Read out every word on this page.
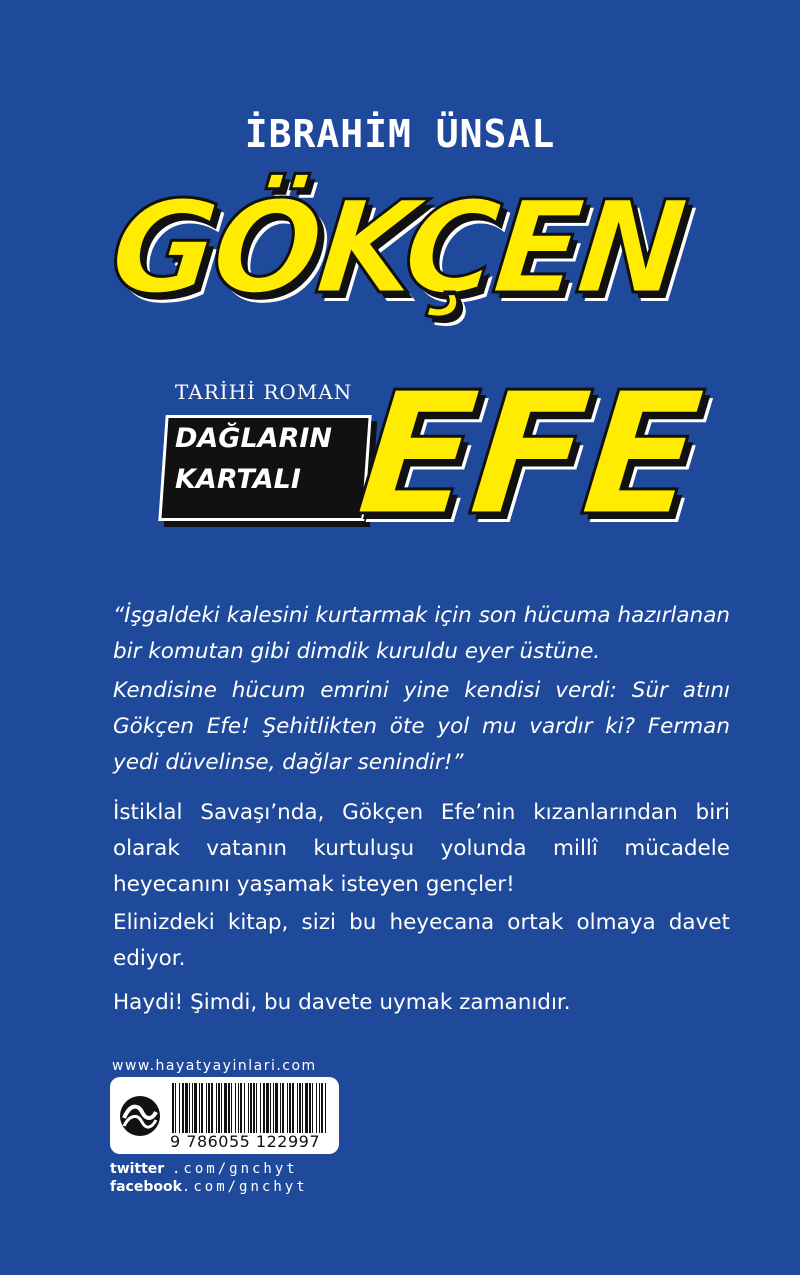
İBRAHİM ÜNSAL
GÖKÇEN
TARİHİ ROMAN
DAĞLARIN
KARTALI EFE
“İşgaldeki kalesini kurtarmak için son hücuma hazırlanan bir komutan gibi dimdik kuruldu eyer üstüne.
Kendisine hücum emrini yine kendisi verdi: Sür atını Gökçen Efe! Şehitlikten öte yol mu vardır ki? Ferman yedi düvelinse, dağlar senindir!”
İstiklal Savaşı’nda, Gökçen Efe’nin kızanlarından biri olarak vatanın kurtuluşu yolunda millî mücadele heyecanını yaşamak isteyen gençler!
Elinizdeki kitap, sizi bu heyecana ortak olmaya davet ediyor.
Haydi! Şimdi, bu davete uymak zamanıdır.
www.hayatyayinlari.com
9 786055 122997
twitter .com/gnchyt
facebook .com/gnchyt
